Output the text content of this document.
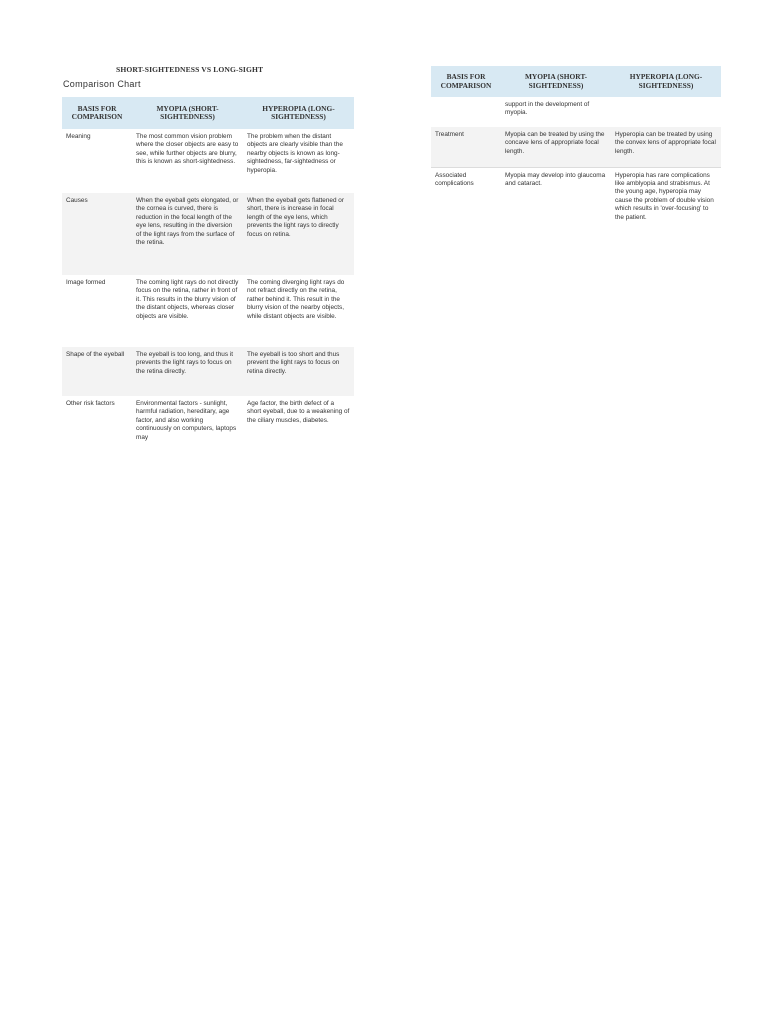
SHORT-SIGHTEDNESS VS LONG-SIGHT
Comparison Chart
BASIS FOR COMPARISON	MYOPIA (SHORT-SIGHTEDNESS)	HYPEROPIA (LONG-SIGHTEDNESS)
Meaning	The most common vision problem where the closer objects are easy to see, while further objects are blurry, this is known as short-sightedness.	The problem when the distant objects are clearly visible than the nearby objects is known as long-sightedness, far-sightedness or hyperopia.
Causes	When the eyeball gets elongated, or the cornea is curved, there is reduction in the focal length of the eye lens, resulting in the diversion of the light rays from the surface of the retina.	When the eyeball gets flattened or short, there is increase in focal length of the eye lens, which prevents the light rays to directly focus on retina.
Image formed	The coming light rays do not directly focus on the retina, rather in front of it. This results in the blurry vision of the distant objects, whereas closer objects are visible.	The coming diverging light rays do not refract directly on the retina, rather behind it. This result in the blurry vision of the nearby objects, while distant objects are visible.
Shape of the eyeball	The eyeball is too long, and thus it prevents the light rays to focus on the retina directly.	The eyeball is too short and thus prevent the light rays to focus on retina directly.
Other risk factors	Environmental factors - sunlight, harmful radiation, hereditary, age factor, and also working continuously on computers, laptops may	Age factor, the birth defect of a short eyeball, due to a weakening of the ciliary muscles, diabetes.
BASIS FOR COMPARISON	MYOPIA (SHORT-SIGHTEDNESS)	HYPEROPIA (LONG-SIGHTEDNESS)
	support in the development of myopia.	
Treatment	Myopia can be treated by using the concave lens of appropriate focal length.	Hyperopia can be treated by using the convex lens of appropriate focal length.
Associated complications	Myopia may develop into glaucoma and cataract.	Hyperopia has rare complications like amblyopia and strabismus. At the young age, hyperopia may cause the problem of double vision which results in 'over-focusing' to the patient.
